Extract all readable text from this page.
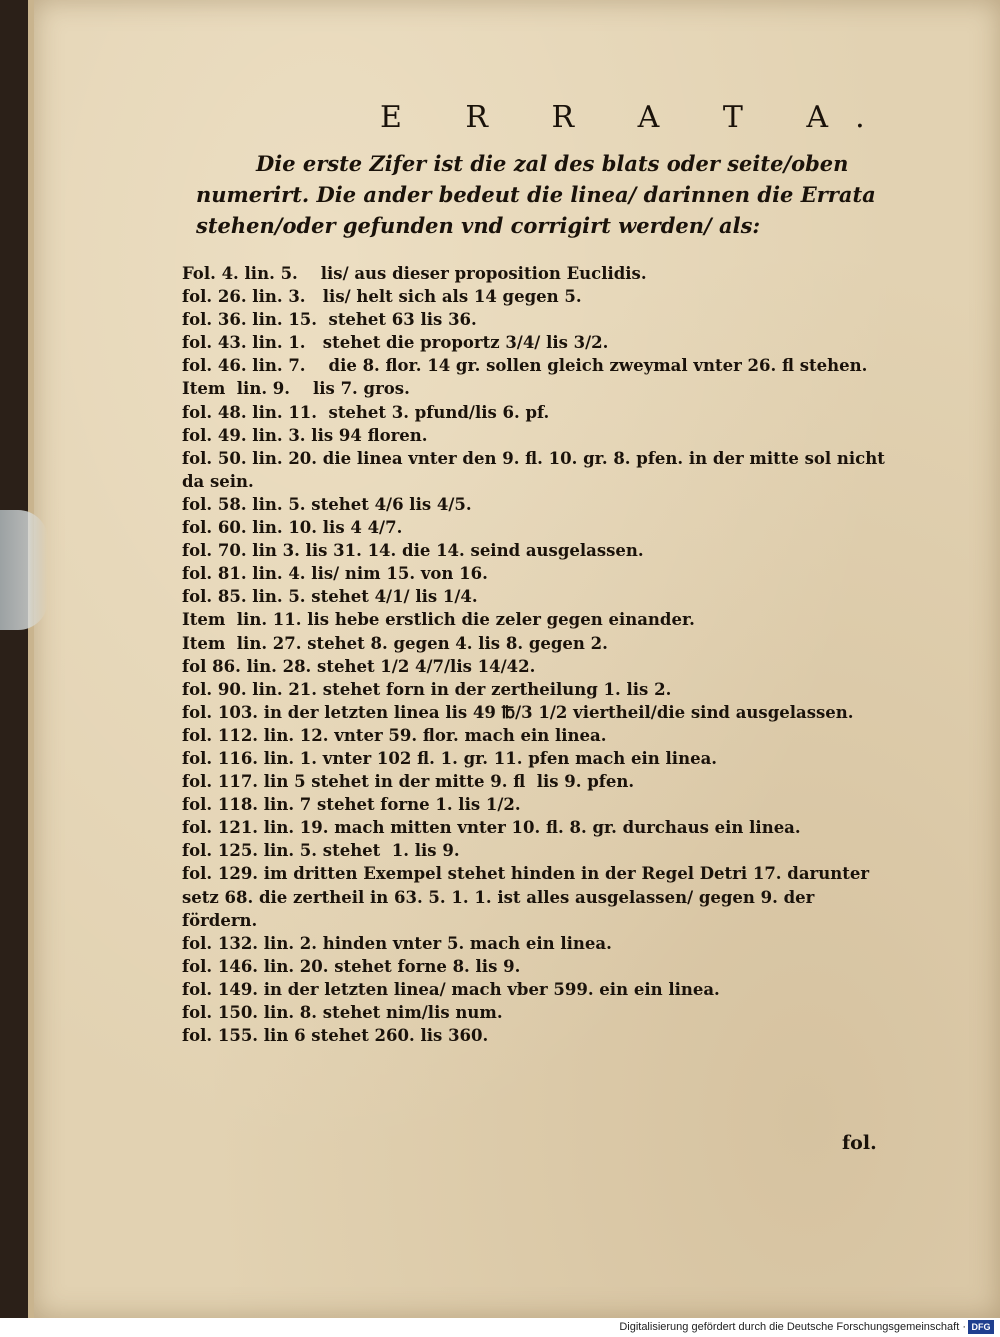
E R R A T A.
Die erste Zifer ist die zal des blats oder seite/oben numerirt. Die ander bedeut die linea/ darinnen die Errata stehen/oder gefunden vnd corrigirt werden/ als:
Fol. 4. lin. 5.    lis/ aus dieser proposition Euclidis.
fol. 26. lin. 3.   lis/ helt sich als 14 gegen 5.
fol. 36. lin. 15.  stehet 63 lis 36.
fol. 43. lin. 1.   stehet die proportz 3/4/ lis 3/2.
fol. 46. lin. 7.    die 8. flor. 14 gr. sollen gleich zweymal vnter 26. fl stehen.
Item  lin. 9.    lis 7. gros.
fol. 48. lin. 11.  stehet 3. pfund/lis 6. pf.
fol. 49. lin. 3. lis 94 floren.
fol. 50. lin. 20. die linea vnter den 9. fl. 10. gr. 8. pfen. in der mitte sol nicht
da sein.
fol. 58. lin. 5. stehet 4/6 lis 4/5.
fol. 60. lin. 10. lis 4 4/7.
fol. 70. lin 3. lis 31. 14. die 14. seind ausgelassen.
fol. 81. lin. 4. lis/ nim 15. von 16.
fol. 85. lin. 5. stehet 4/1/ lis 1/4.
Item  lin. 11. lis hebe erstlich die zeler gegen einander.
Item  lin. 27. stehet 8. gegen 4. lis 8. gegen 2.
fol 86. lin. 28. stehet 1/2 4/7/lis 14/42.
fol. 90. lin. 21. stehet forn in der zertheilung 1. lis 2.
fol. 103. in der letzten linea lis 49 ℔/3 1/2 viertheil/die sind ausgelassen.
fol. 112. lin. 12. vnter 59. flor. mach ein linea.
fol. 116. lin. 1. vnter 102 fl. 1. gr. 11. pfen mach ein linea.
fol. 117. lin 5 stehet in der mitte 9. fl  lis 9. pfen.
fol. 118. lin. 7 stehet forne 1. lis 1/2.
fol. 121. lin. 19. mach mitten vnter 10. fl. 8. gr. durchaus ein linea.
fol. 125. lin. 5. stehet  1. lis 9.
fol. 129. im dritten Exempel stehet hinden in der Regel Detri 17. darunter
setz 68. die zertheil in 63. 5. 1. 1. ist alles ausgelassen/ gegen 9. der
fördern.
fol. 132. lin. 2. hinden vnter 5. mach ein linea.
fol. 146. lin. 20. stehet forne 8. lis 9.
fol. 149. in der letzten linea/ mach vber 599. ein ein linea.
fol. 150. lin. 8. stehet nim/lis num.
fol. 155. lin 6 stehet 260. lis 360.
fol.
Digitalisierung gefördert durch die Deutsche Forschungsgemeinschaft · DFG
